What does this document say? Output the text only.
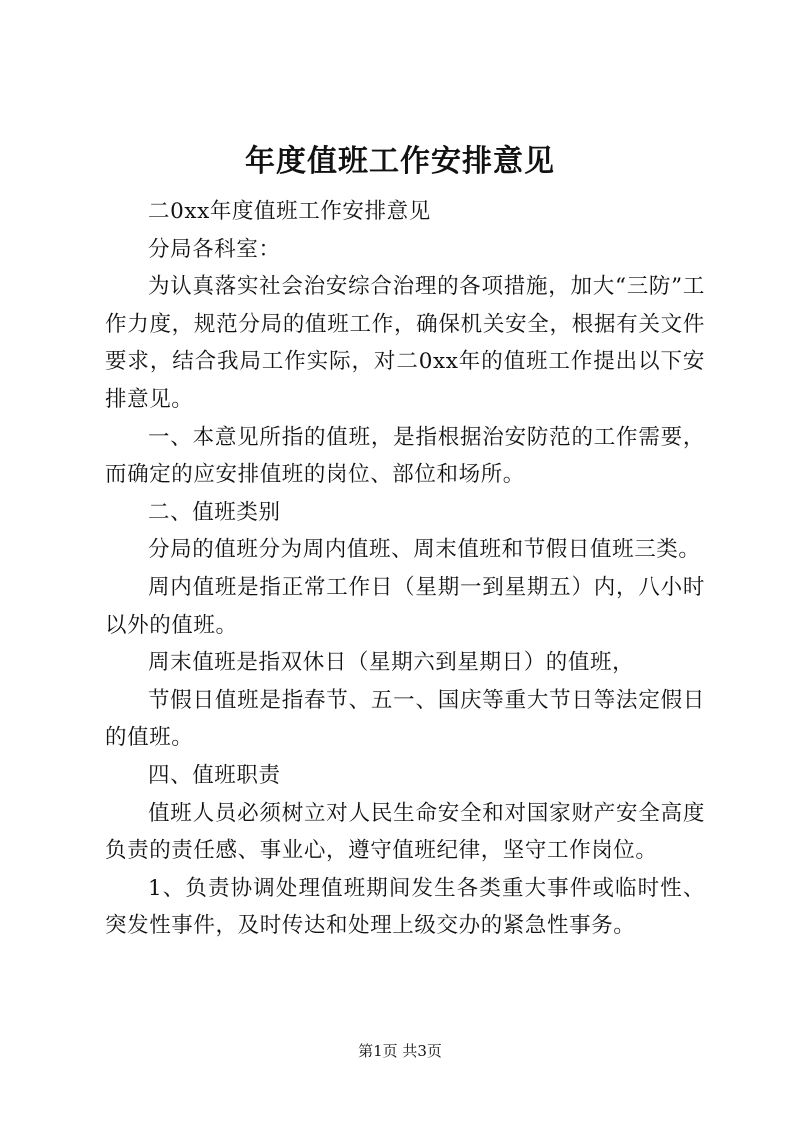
年度值班工作安排意见

二0xx年度值班工作安排意见

分局各科室：

为认真落实社会治安综合治理的各项措施，加大“三防”工作力度，规范分局的值班工作，确保机关安全，根据有关文件要求，结合我局工作实际，对二0xx年的值班工作提出以下安排意见。

一、本意见所指的值班，是指根据治安防范的工作需要，而确定的应安排值班的岗位、部位和场所。

二、值班类别

分局的值班分为周内值班、周末值班和节假日值班三类。

周内值班是指正常工作日（星期一到星期五）内，八小时以外的值班。

周末值班是指双休日（星期六到星期日）的值班，

节假日值班是指春节、五一、国庆等重大节日等法定假日的值班。

四、值班职责

值班人员必须树立对人民生命安全和对国家财产安全高度负责的责任感、事业心，遵守值班纪律，坚守工作岗位。

1、负责协调处理值班期间发生各类重大事件或临时性、突发性事件，及时传达和处理上级交办的紧急性事务。

第1页 共3页
